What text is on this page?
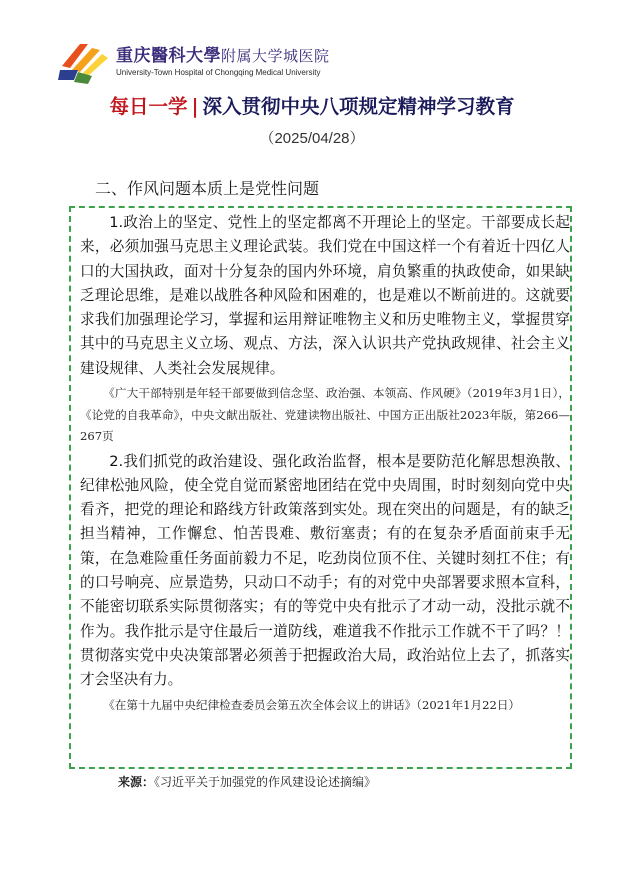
重庆醫科大學附属大学城医院
University-Town Hospital of Chongqing Medical University
每日一学 | 深入贯彻中央八项规定精神学习教育
（2025/04/28）
二、作风问题本质上是党性问题

1.政治上的坚定、党性上的坚定都离不开理论上的坚定。干部要成长起来，必须加强马克思主义理论武装。我们党在中国这样一个有着近十四亿人口的大国执政，面对十分复杂的国内外环境，肩负繁重的执政使命，如果缺乏理论思维，是难以战胜各种风险和困难的，也是难以不断前进的。这就要求我们加强理论学习，掌握和运用辩证唯物主义和历史唯物主义，掌握贯穿其中的马克思主义立场、观点、方法，深入认识共产党执政规律、社会主义建设规律、人类社会发展规律。

《广大干部特别是年轻干部要做到信念坚、政治强、本领高、作风硬》（2019年3月1日），《论党的自我革命》，中央文献出版社、党建读物出版社、中国方正出版社2023年版，第266—267页

2.我们抓党的政治建设、强化政治监督，根本是要防范化解思想涣散、纪律松弛风险，使全党自觉而紧密地团结在党中央周围，时时刻刻向党中央看齐，把党的理论和路线方针政策落到实处。现在突出的问题是，有的缺乏担当精神，工作懈怠、怕苦畏难、敷衍塞责；有的在复杂矛盾面前束手无策，在急难险重任务面前毅力不足，吃劲岗位顶不住、关键时刻扛不住；有的口号响亮、应景造势，只动口不动手；有的对党中央部署要求照本宣科，不能密切联系实际贯彻落实；有的等党中央有批示了才动一动，没批示就不作为。我作批示是守住最后一道防线，难道我不作批示工作就不干了吗？！贯彻落实党中央决策部署必须善于把握政治大局，政治站位上去了，抓落实才会坚决有力。

《在第十九届中央纪律检查委员会第五次全体会议上的讲话》（2021年1月22日）

来源：《习近平关于加强党的作风建设论述摘编》
